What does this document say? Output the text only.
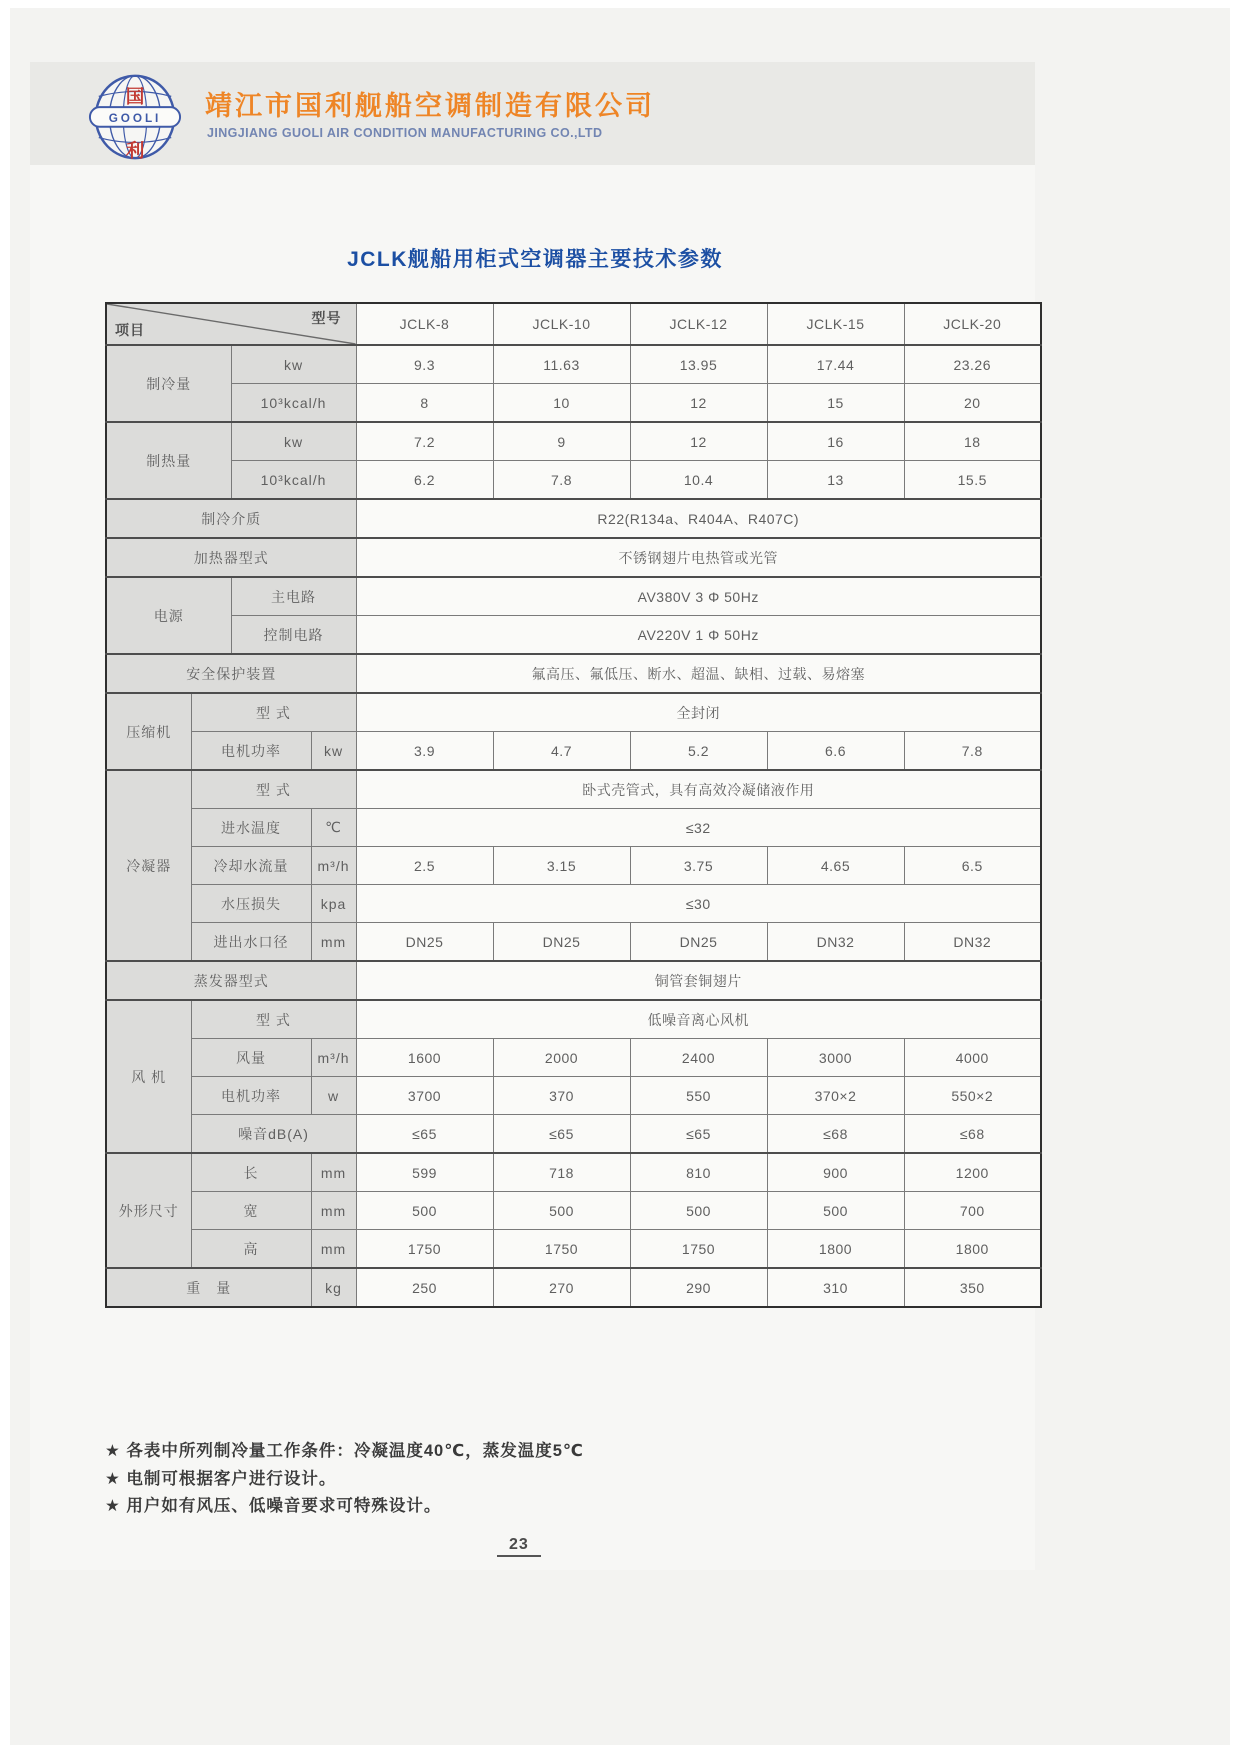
国
GOOLI
利
靖江市国利舰船空调制造有限公司
JINGJIANG GUOLI AIR CONDITION MANUFACTURING CO.,LTD
JCLK舰船用柜式空调器主要技术参数
型号
项目				JCLK-8	JCLK-10	JCLK-12	JCLK-15	JCLK-20
制冷量		kw		9.3	11.63	13.95	17.44	23.26
		10³kcal/h		8	10	12	15	20
制热量		kw		7.2	9	12	16	18
		10³kcal/h		6.2	7.8	10.4	13	15.5
制冷介质				R22(R134a、R404A、R407C)				
加热器型式				不锈钢翅片电热管或光管				
电源		主电路		AV380V 3 Φ 50Hz				
		控制电路		AV220V 1 Φ 50Hz				
安全保护装置				氟高压、氟低压、断水、超温、缺相、过载、易熔塞				
压缩机	型 式			全封闭				
	电机功率		kw	3.9	4.7	5.2	6.6	7.8
冷凝器	型 式			卧式壳管式，具有高效冷凝储液作用				
	进水温度		℃	≤32				
	冷却水流量		m³/h	2.5	3.15	3.75	4.65	6.5
	水压损失		kpa	≤30				
	进出水口径		mm	DN25	DN25	DN25	DN32	DN32
蒸发器型式				铜管套铜翅片				
风 机	型 式			低噪音离心风机				
	风量		m³/h	1600	2000	2400	3000	4000
	电机功率		w	3700	370	550	370×2	550×2
	噪音dB(A)			≤65	≤65	≤65	≤68	≤68
外形尺寸	长		mm	599	718	810	900	1200
	宽		mm	500	500	500	500	700
	高		mm	1750	1750	1750	1800	1800
重　量			kg	250	270	290	310	350
★ 各表中所列制冷量工作条件：冷凝温度40℃，蒸发温度5℃
★ 电制可根据客户进行设计。
★ 用户如有风压、低噪音要求可特殊设计。
23
